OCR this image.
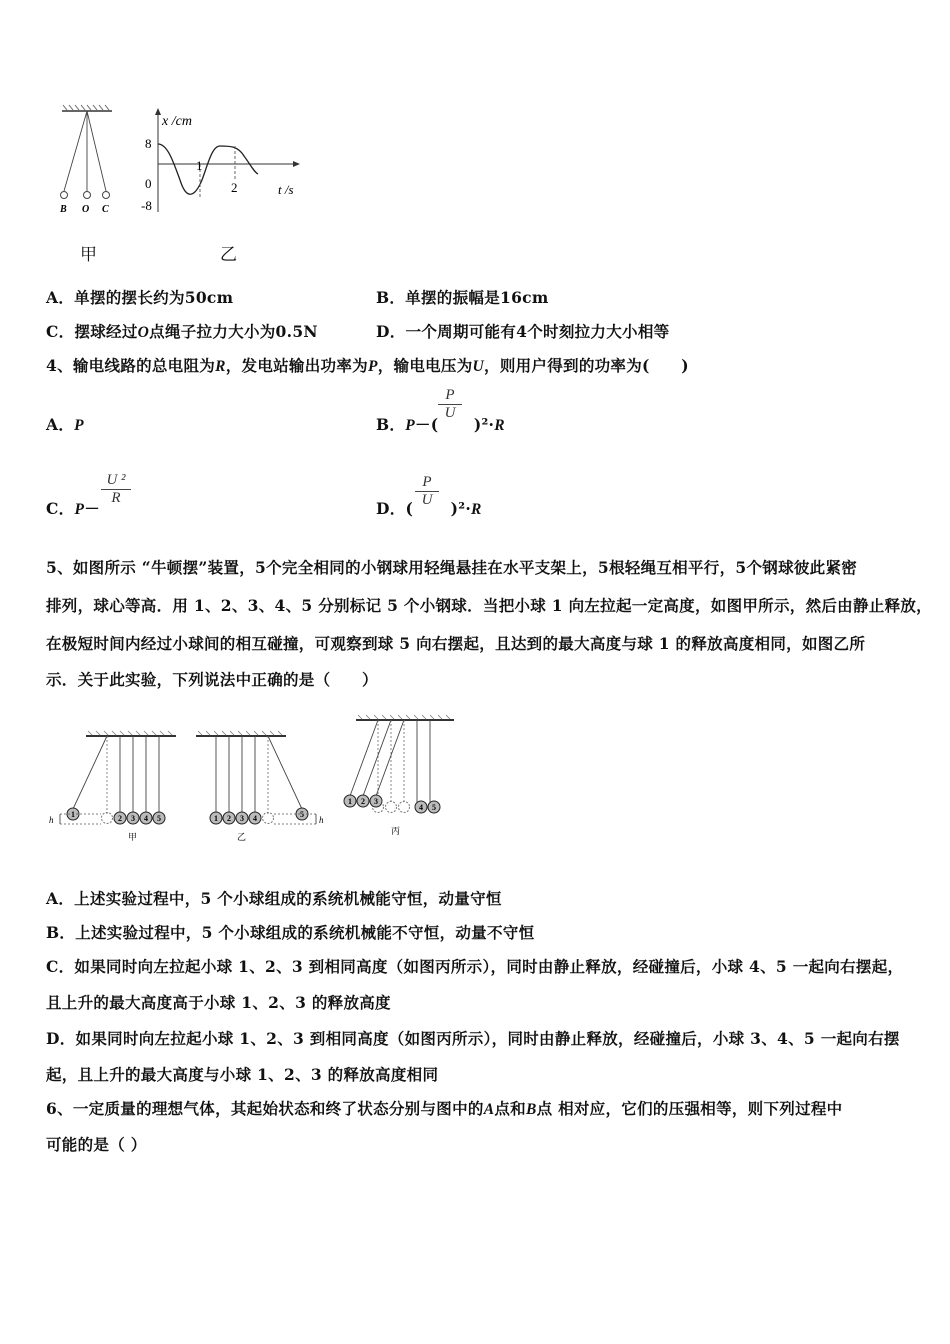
B O C
x /cm
8
0
-8
1
2	t /s
甲	乙
A．单摆的摆长约为50cm	B．单摆的振幅是16cm
C．摆球经过O点绳子拉力大小为0.5N	D．一个周期可能有4个时刻拉力大小相等
4、输电线路的总电阻为R，发电站输出功率为P，输电电压为U，则用户得到的功率为(　　)
A．P	B．P－( )²·R
P
U
C．P－
U ²
R
D．( )²·R
P
U
5、如图所示 “牛顿摆”装置，5个完全相同的小钢球用轻绳悬挂在水平支架上，5根轻绳互相平行，5个钢球彼此紧密
排列，球心等高．用 1、2、3、4、5 分别标记 5 个小钢球．当把小球 1 向左拉起一定高度，如图甲所示，然后由静止释放，
在极短时间内经过小球间的相互碰撞，可观察到球 5 向右摆起，且达到的最大高度与球 1 的释放高度相同，如图乙所
示．关于此实验，下列说法中正确的是（　　）
1	2 3 4 5
h
甲
1 2 3 4	5
h
乙
1 2 3
4 5
丙
A．上述实验过程中，5 个小球组成的系统机械能守恒，动量守恒
B．上述实验过程中，5 个小球组成的系统机械能不守恒，动量不守恒
C．如果同时向左拉起小球 1、2、3 到相同高度（如图丙所示），同时由静止释放，经碰撞后，小球 4、5 一起向右摆起，
且上升的最大高度高于小球 1、2、3 的释放高度
D．如果同时向左拉起小球 1、2、3 到相同高度（如图丙所示），同时由静止释放，经碰撞后，小球 3、4、5 一起向右摆
起，且上升的最大高度与小球 1、2、3 的释放高度相同
6、一定质量的理想气体，其起始状态和终了状态分别与图中的A点和B点 相对应，它们的压强相等，则下列过程中
可能的是（ ）
